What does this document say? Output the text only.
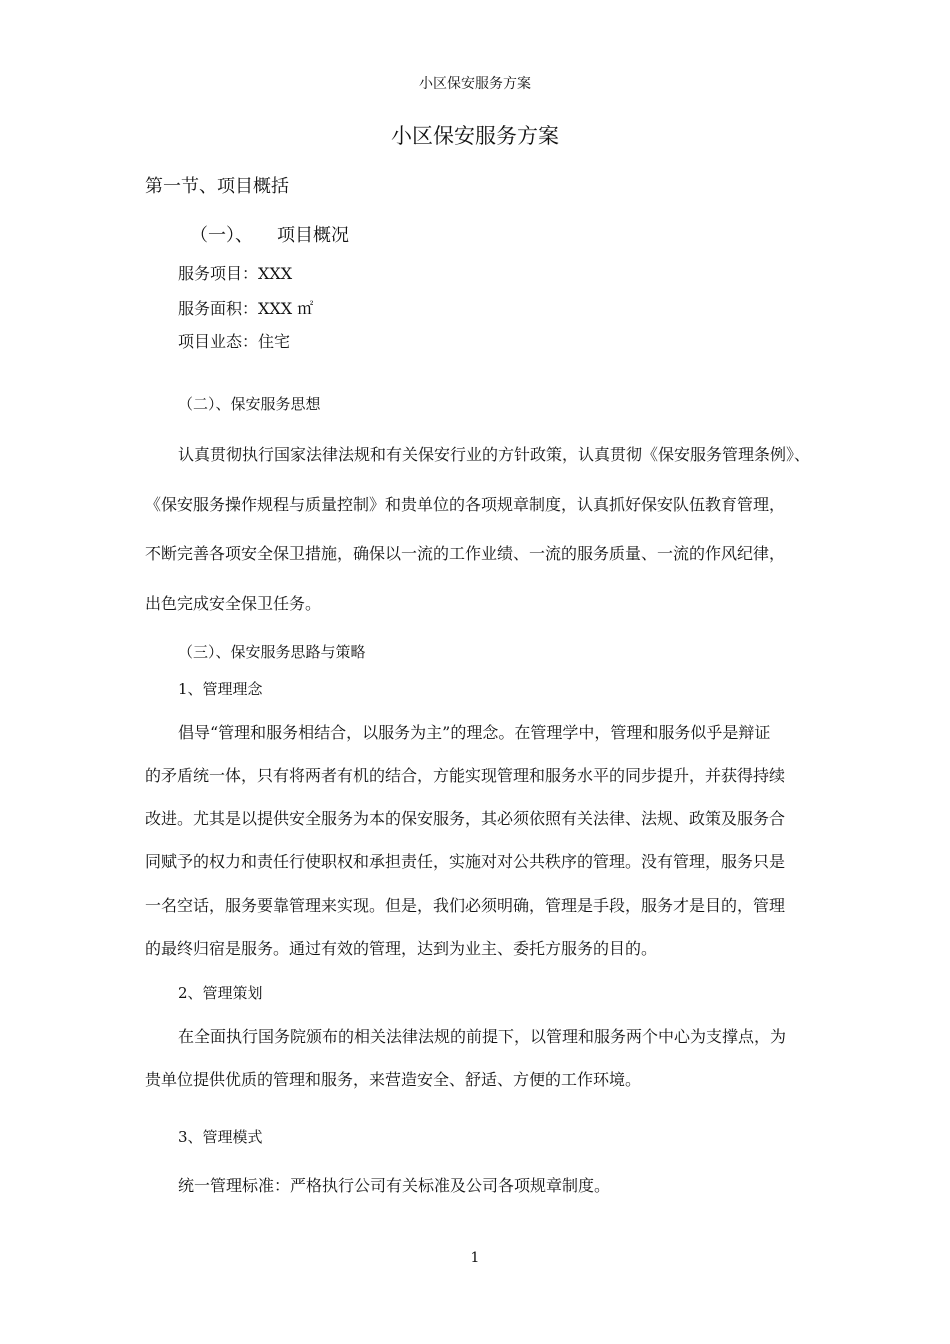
小区保安服务方案

小区保安服务方案

第一节、项目概括

（一）、 项目概况

服务项目：XXX

服务面积：XXX ㎡

项目业态：住宅

（二）、保安服务思想

认真贯彻执行国家法律法规和有关保安行业的方针政策，认真贯彻《保安服务管理条例》、

《保安服务操作规程与质量控制》和贵单位的各项规章制度，认真抓好保安队伍教育管理，

不断完善各项安全保卫措施，确保以一流的工作业绩、一流的服务质量、一流的作风纪律，

出色完成安全保卫任务。

（三）、保安服务思路与策略

1、管理理念

倡导“管理和服务相结合，以服务为主”的理念。在管理学中，管理和服务似乎是辩证

的矛盾统一体，只有将两者有机的结合，方能实现管理和服务水平的同步提升，并获得持续

改进。尤其是以提供安全服务为本的保安服务，其必须依照有关法律、法规、政策及服务合

同赋予的权力和责任行使职权和承担责任，实施对对公共秩序的管理。没有管理，服务只是

一名空话，服务要靠管理来实现。但是，我们必须明确，管理是手段，服务才是目的，管理

的最终归宿是服务。通过有效的管理，达到为业主、委托方服务的目的。

2、管理策划

在全面执行国务院颁布的相关法律法规的前提下，以管理和服务两个中心为支撑点，为

贵单位提供优质的管理和服务，来营造安全、舒适、方便的工作环境。

3、管理模式

统一管理标准：严格执行公司有关标准及公司各项规章制度。

1
